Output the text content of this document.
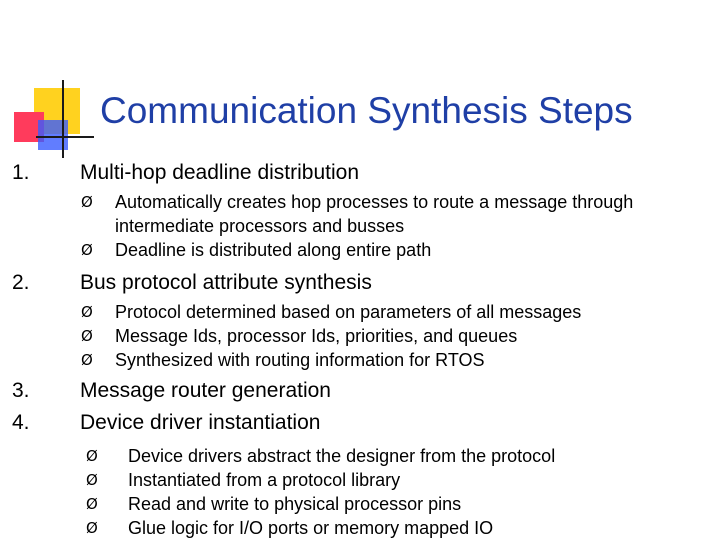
Communication Synthesis Steps
1.	Multi-hop deadline distribution
Ø	Automatically creates hop processes to route a message through intermediate processors and busses
Ø	Deadline is distributed along entire path
2.	Bus protocol attribute synthesis
Ø	Protocol determined based on parameters of all messages
Ø	Message Ids, processor Ids, priorities, and queues
Ø	Synthesized with routing information for RTOS
3.	Message router generation
4.	Device driver instantiation
Ø	Device drivers abstract the designer from the protocol
Ø	Instantiated from a protocol library
Ø	Read and write to physical processor pins
Ø	Glue logic for I/O ports or memory mapped IO
